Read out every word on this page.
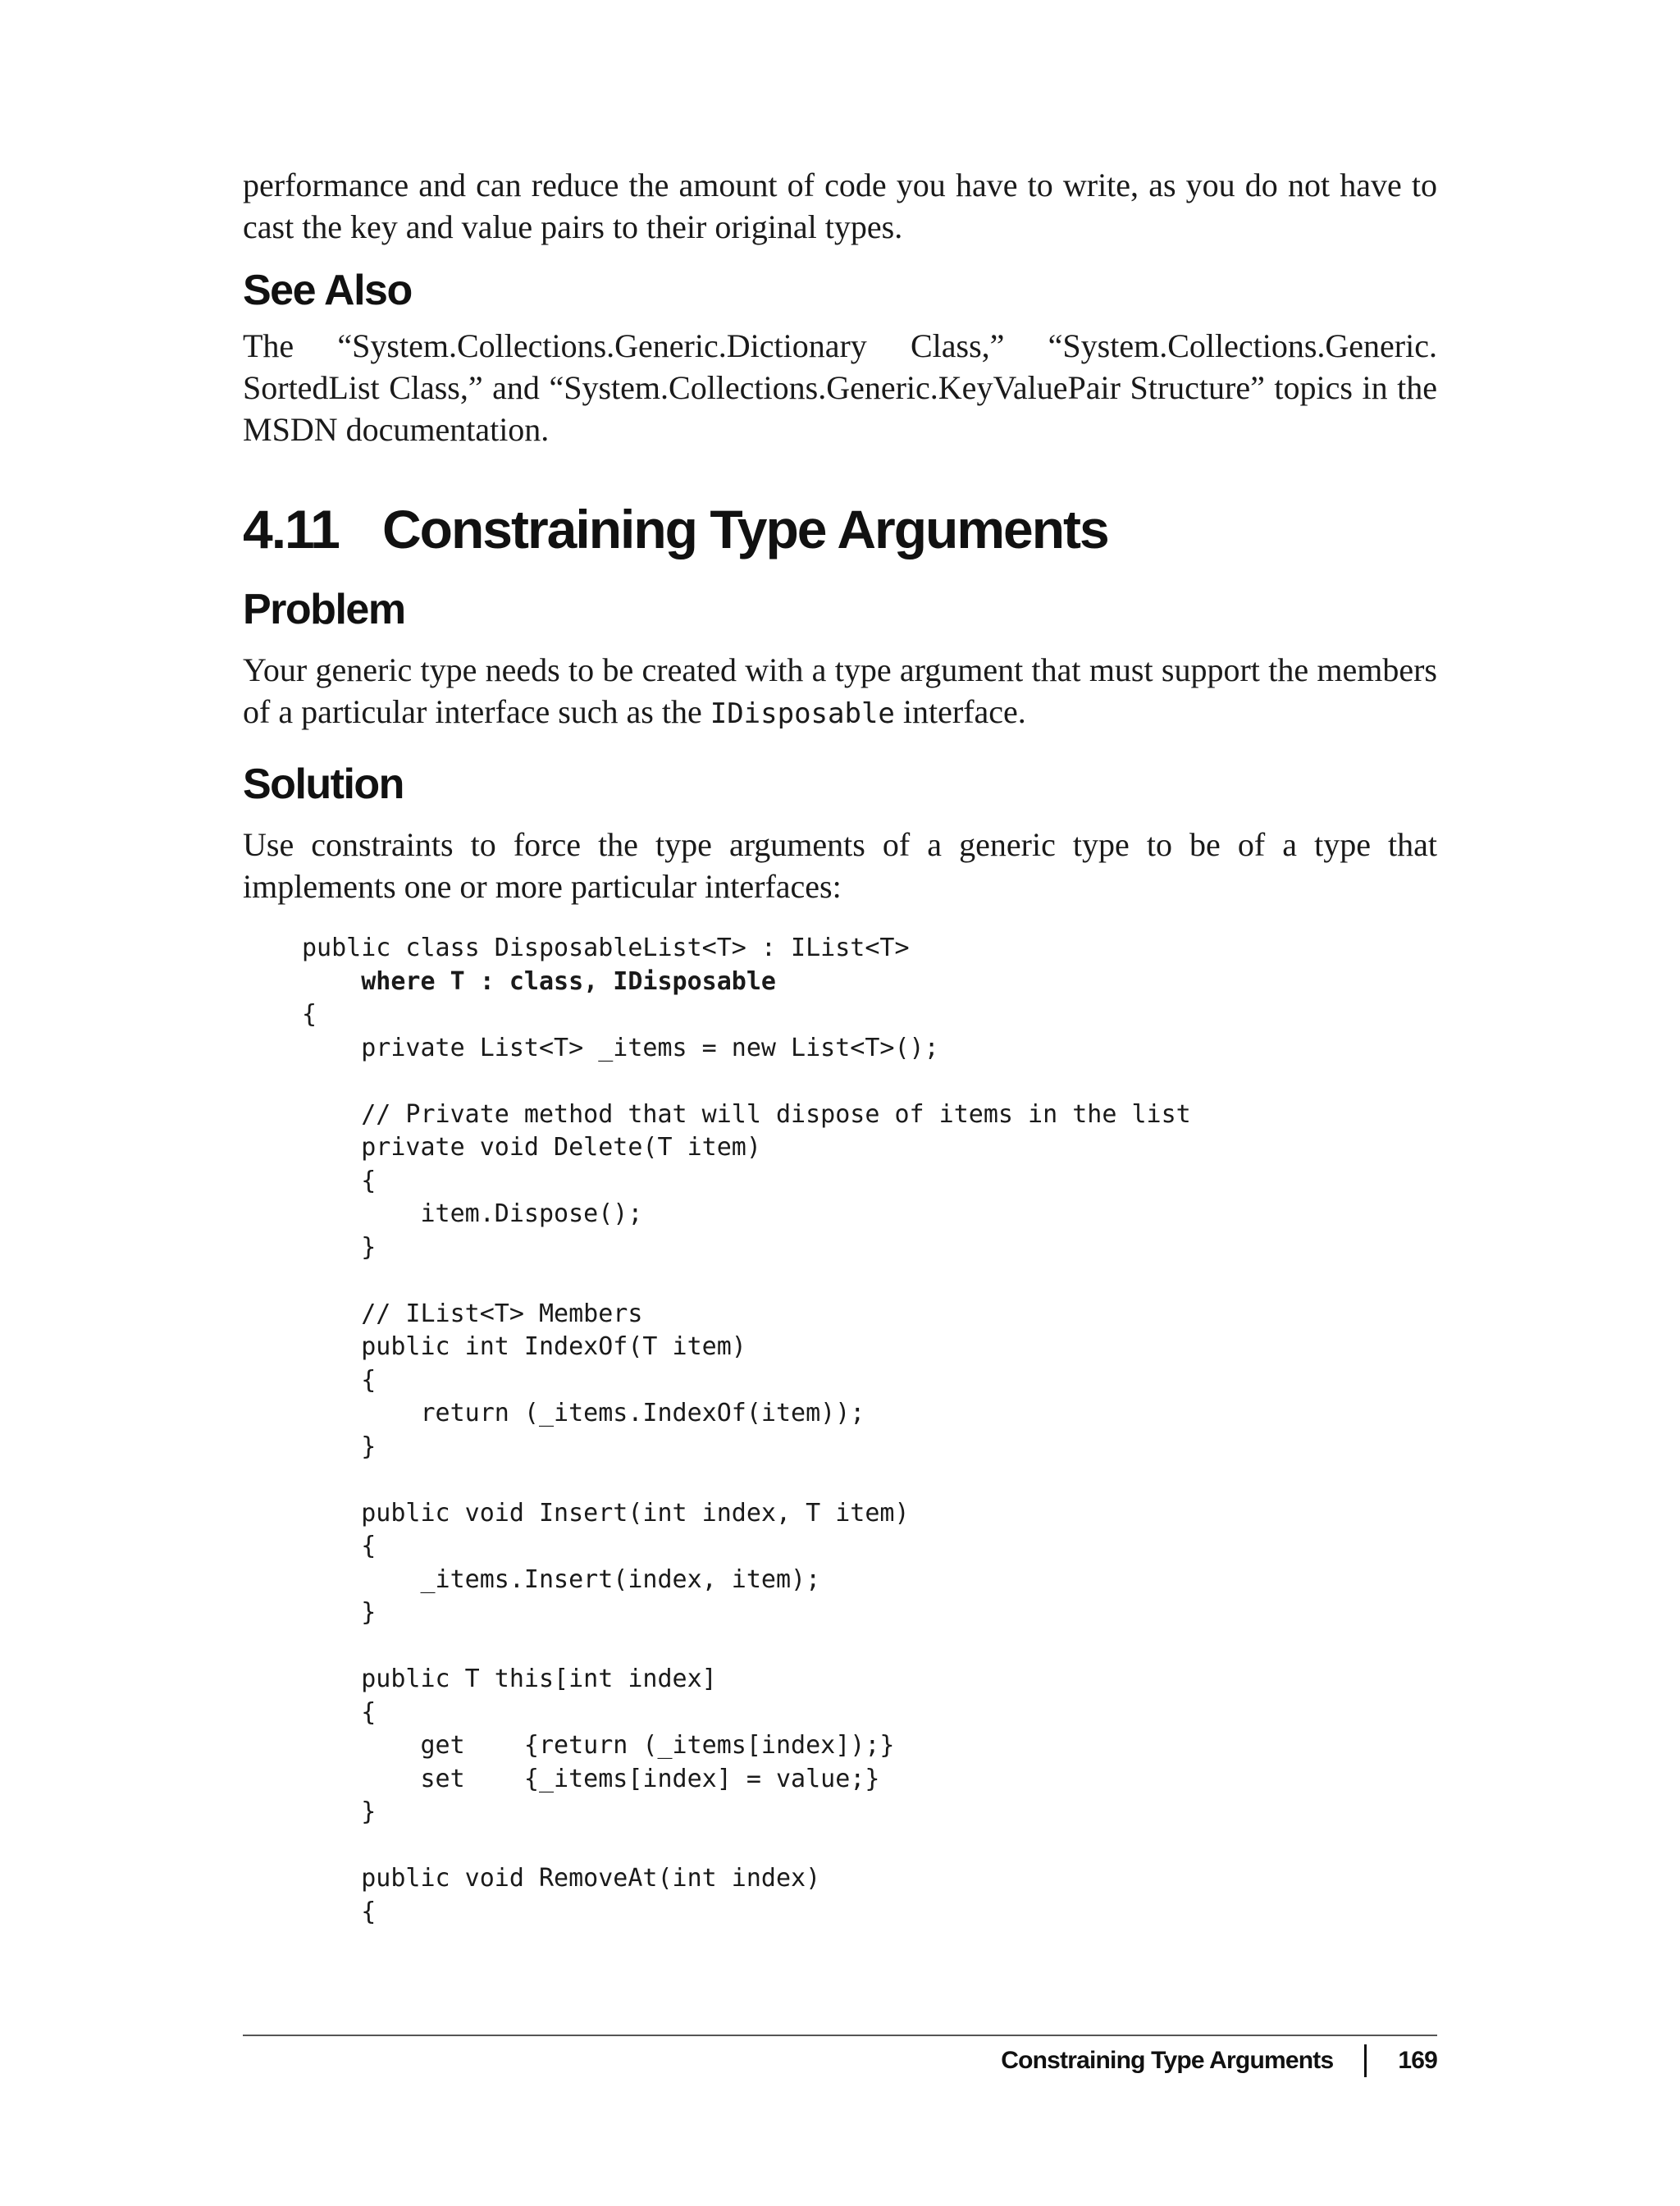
performance and can reduce the amount of code you have to write, as you do not have to cast the key and value pairs to their original types.

See Also

The “System.Collections.Generic.Dictionary Class,” “System.Collections.Generic. SortedList Class,” and “System.Collections.Generic.KeyValuePair Structure” topics in the MSDN documentation.

4.11 Constraining Type Arguments
Problem

Your generic type needs to be created with a type argument that must support the members of a particular interface such as the IDisposable interface.

Solution

Use constraints to force the type arguments of a generic type to be of a type that implements one or more particular interfaces:

public class DisposableList<T> : IList<T>
where T : class, IDisposable
{
private List<T> _items = new List<T>();
// Private method that will dispose of items in the list
private void Delete(T item)
{
item.Dispose();
}
// IList<T> Members
public int IndexOf(T item)
{
return (_items.IndexOf(item));
}
public void Insert(int index, T item)
{
_items.Insert(index, item);
}
public T this[int index]
{
get    {return (_items[index]);}
set    {_items[index] = value;}
}
public void RemoveAt(int index)
{
Constraining Type Arguments	169
